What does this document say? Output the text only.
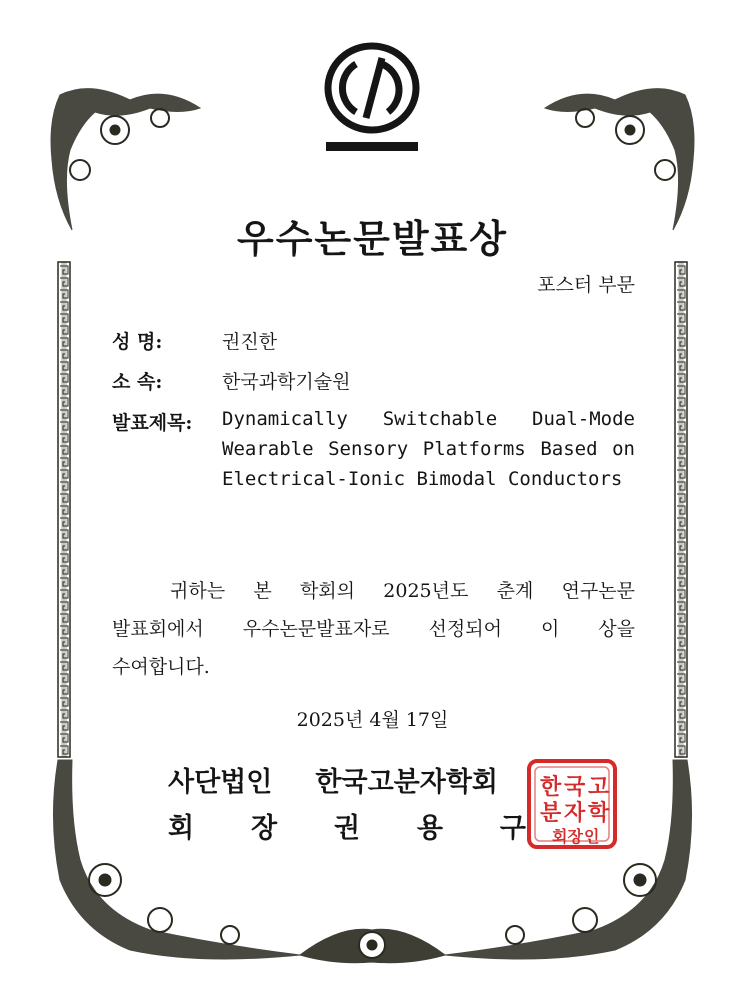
우수논문발표상
포스터 부문
성 명:	권진한
소 속:	한국과학기술원
발표제목: Dynamically Switchable Dual-Mode
Wearable Sensory Platforms Based on
Electrical-Ionic Bimodal Conductors
귀하는 본 학회의 2025년도 춘계 연구논문
발표회에서 우수논문발표자로 선정되어 이 상을
수여합니다.
2025년 4월 17일
사단법인 한국고분자학회
회 장 권 용 구
한 국 고
분 자 학
회장 인
